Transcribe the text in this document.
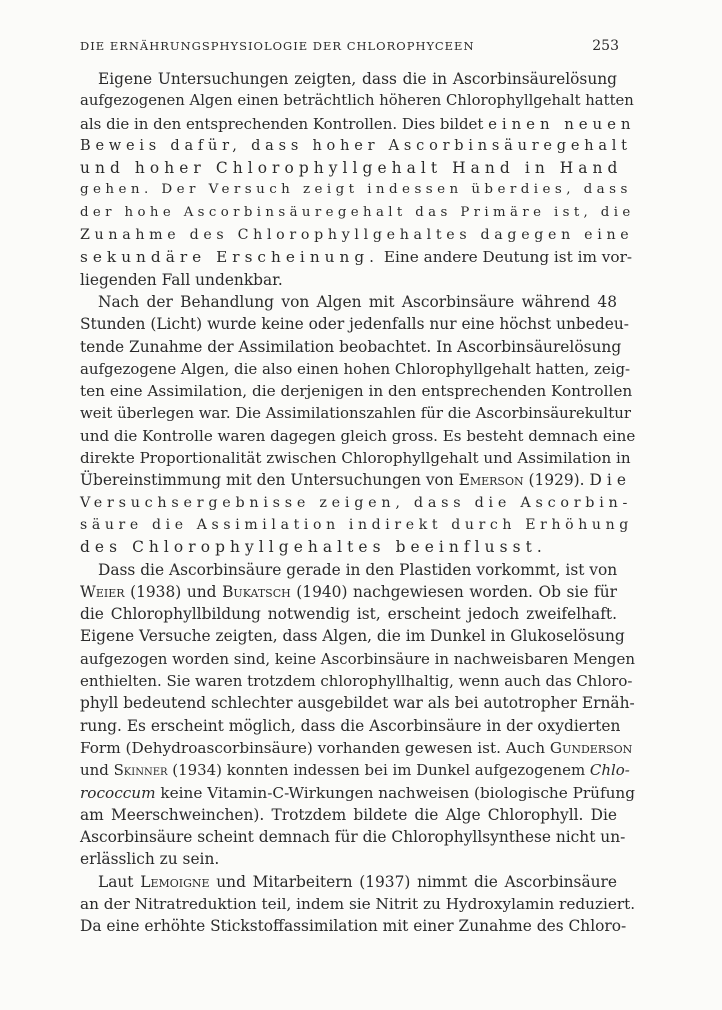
DIE ERNÄHRUNGSPHYSIOLOGIE DER CHLOROPHYCEEN	253

Eigene Untersuchungen zeigten, dass die in Ascorbinsäurelösung
aufgezogenen Algen einen beträchtlich höheren Chlorophyllgehalt hatten
als die in den entsprechenden Kontrollen. Dies bildet einen neuen
Beweis dafür, dass hoher Ascorbinsäuregehalt
und hoher Chlorophyllgehalt Hand in Hand
gehen. Der Versuch zeigt indessen überdies, dass
der hohe Ascorbinsäuregehalt das Primäre ist, die
Zunahme des Chlorophyllgehaltes dagegen eine
sekundäre Erscheinung. Eine andere Deutung ist im vor-
liegenden Fall undenkbar.

Nach der Behandlung von Algen mit Ascorbinsäure während 48
Stunden (Licht) wurde keine oder jedenfalls nur eine höchst unbedeu-
tende Zunahme der Assimilation beobachtet. In Ascorbinsäurelösung
aufgezogene Algen, die also einen hohen Chlorophyllgehalt hatten, zeig-
ten eine Assimilation, die derjenigen in den entsprechenden Kontrollen
weit überlegen war. Die Assimilationszahlen für die Ascorbinsäurekultur
und die Kontrolle waren dagegen gleich gross. Es besteht demnach eine
direkte Proportionalität zwischen Chlorophyllgehalt und Assimilation in
Übereinstimmung mit den Untersuchungen von Emerson (1929). Die
Versuchsergebnisse zeigen, dass die Ascorbin-
säure die Assimilation indirekt durch Erhöhung
des Chlorophyllgehaltes beeinflusst.

Dass die Ascorbinsäure gerade in den Plastiden vorkommt, ist von
Weier (1938) und Bukatsch (1940) nachgewiesen worden. Ob sie für
die Chlorophyllbildung notwendig ist, erscheint jedoch zweifelhaft.
Eigene Versuche zeigten, dass Algen, die im Dunkel in Glukoselösung
aufgezogen worden sind, keine Ascorbinsäure in nachweisbaren Mengen
enthielten. Sie waren trotzdem chlorophyllhaltig, wenn auch das Chloro-
phyll bedeutend schlechter ausgebildet war als bei autotropher Ernäh-
rung. Es erscheint möglich, dass die Ascorbinsäure in der oxydierten
Form (Dehydroascorbinsäure) vorhanden gewesen ist. Auch Gunderson
und Skinner (1934) konnten indessen bei im Dunkel aufgezogenem Chlo-
rococcum keine Vitamin-C-Wirkungen nachweisen (biologische Prüfung
am Meerschweinchen). Trotzdem bildete die Alge Chlorophyll. Die
Ascorbinsäure scheint demnach für die Chlorophyllsynthese nicht un-
erlässlich zu sein.

Laut Lemoigne und Mitarbeitern (1937) nimmt die Ascorbinsäure
an der Nitratreduktion teil, indem sie Nitrit zu Hydroxylamin reduziert.
Da eine erhöhte Stickstoffassimilation mit einer Zunahme des Chloro-
